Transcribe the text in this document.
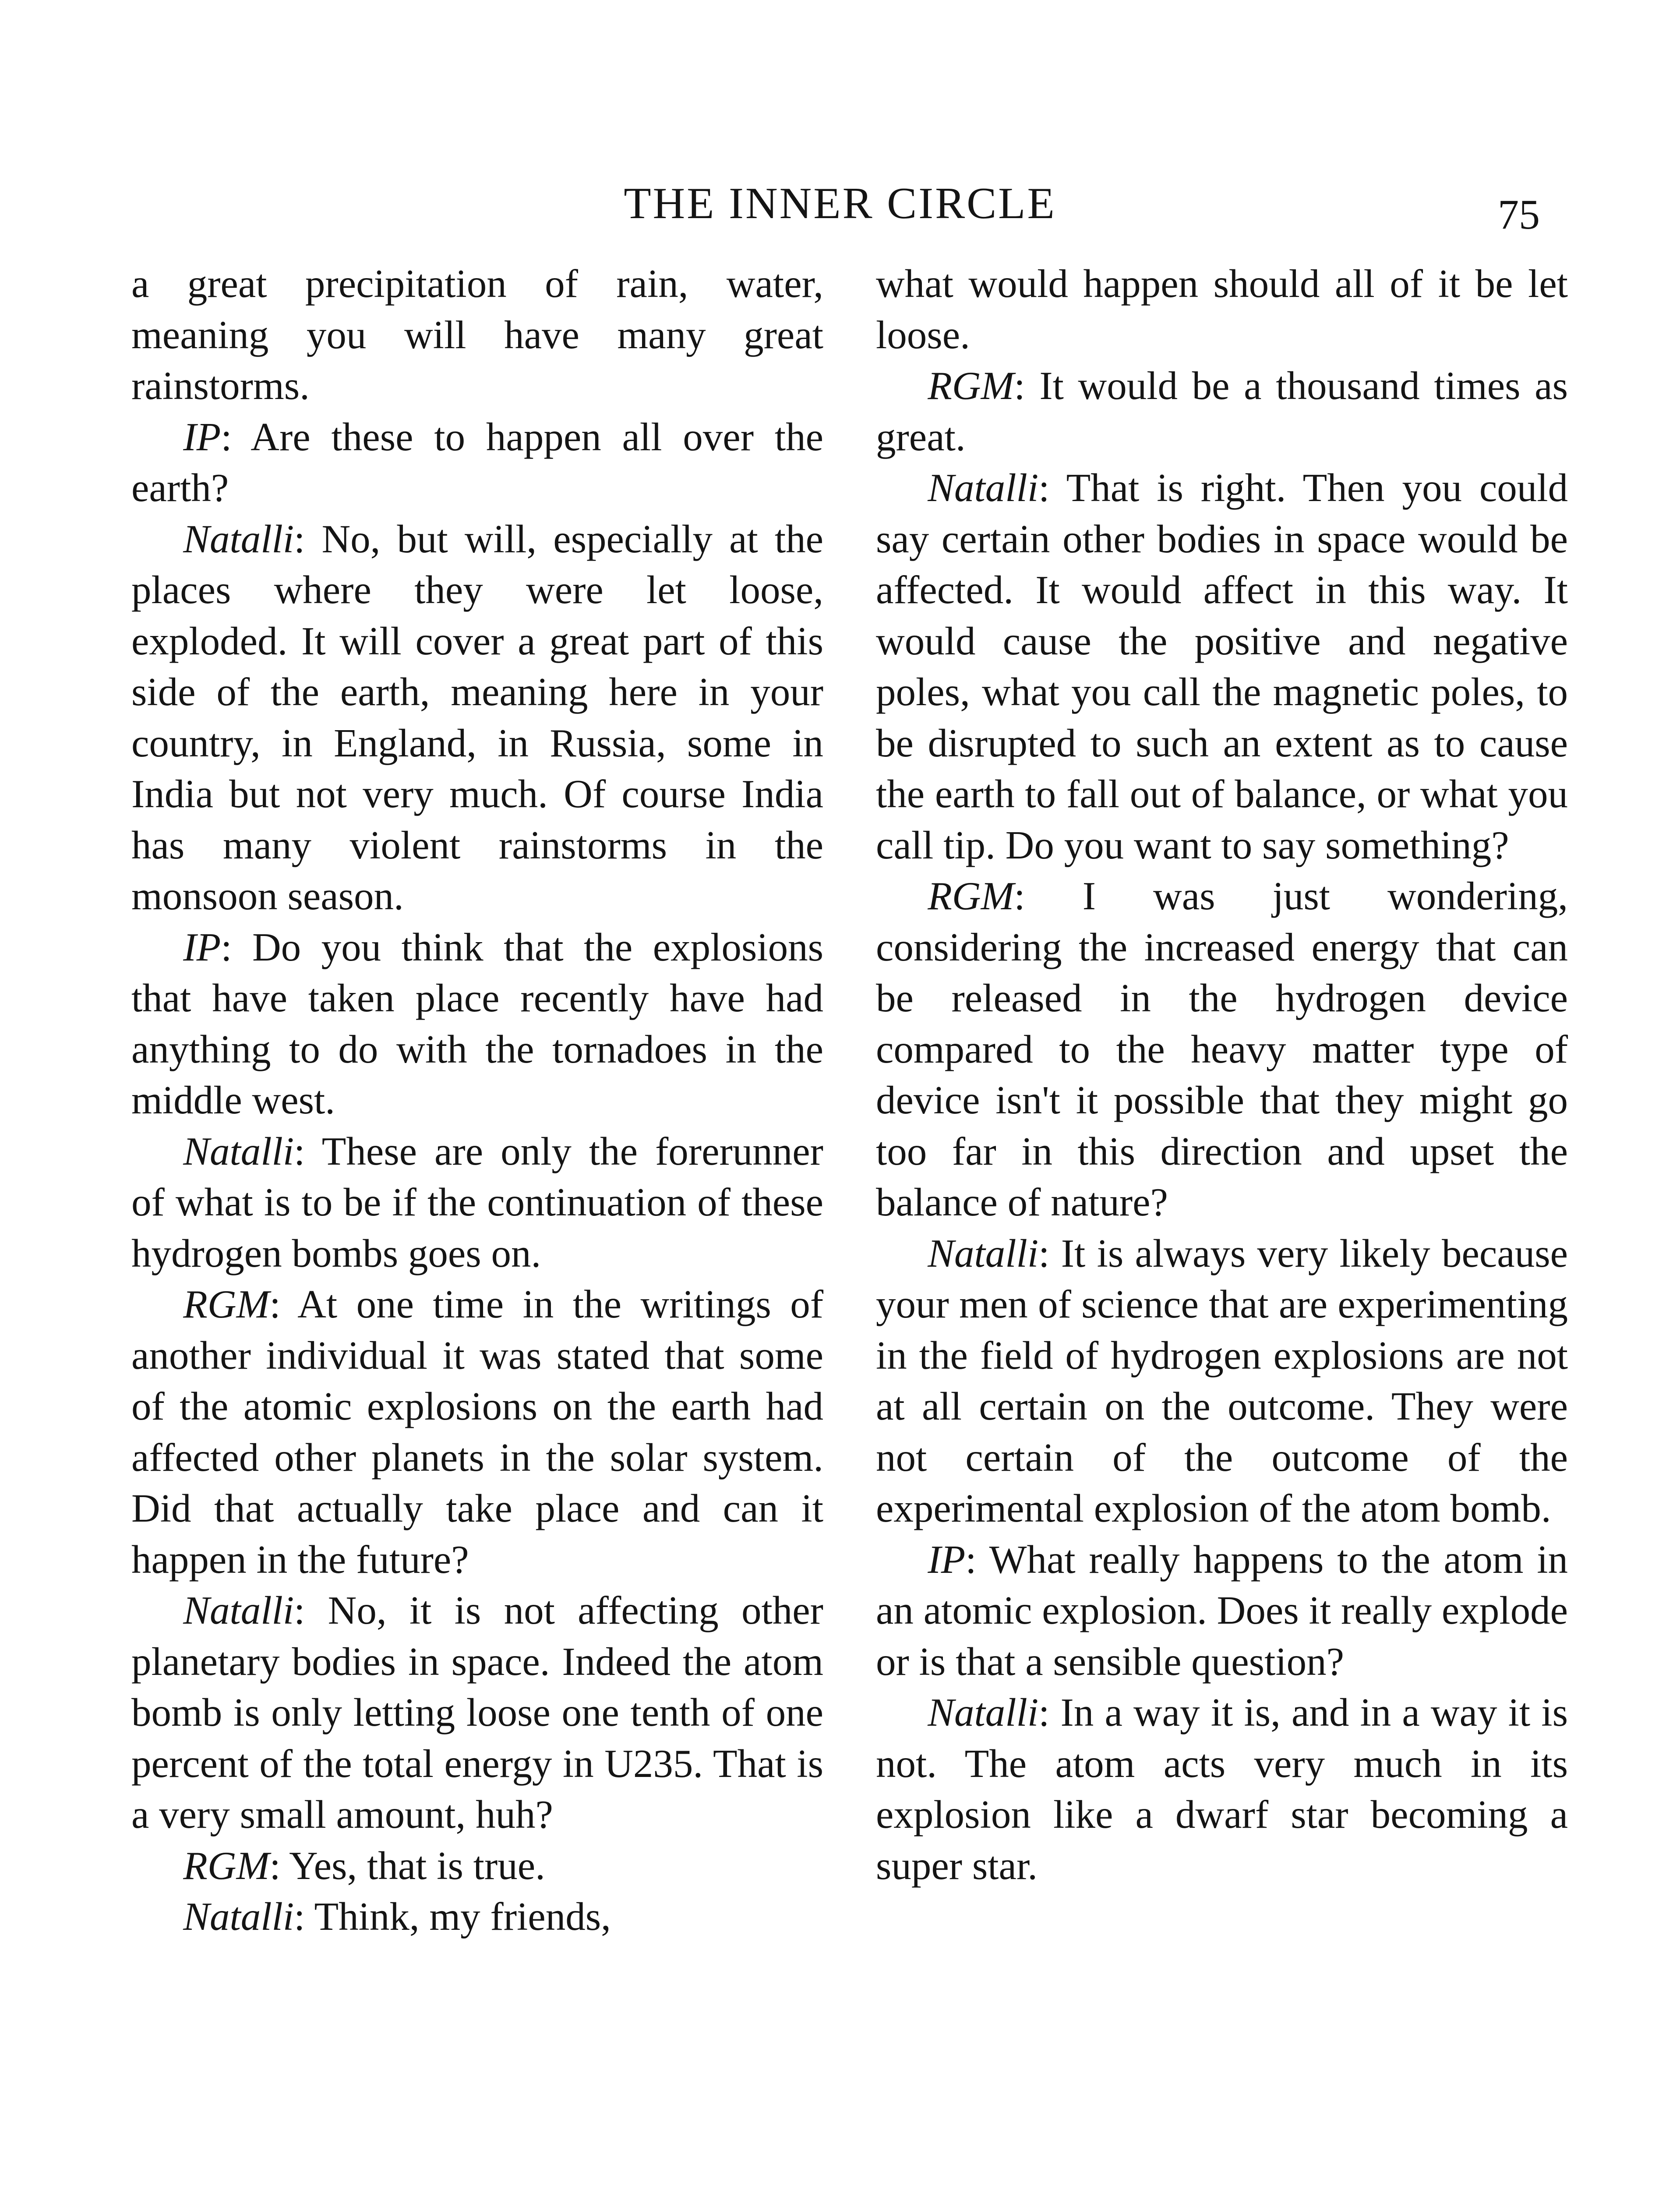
THE INNER CIRCLE	75

a great precipitation of rain, water, meaning you will have many great rainstorms.

IP: Are these to happen all over the earth?

Natalli: No, but will, especially at the places where they were let loose, exploded. It will cover a great part of this side of the earth, meaning here in your country, in England, in Russia, some in India but not very much. Of course India has many violent rainstorms in the monsoon season.

IP: Do you think that the explosions that have taken place recently have had anything to do with the tornadoes in the middle west.

Natalli: These are only the forerunner of what is to be if the continuation of these hydrogen bombs goes on.

RGM: At one time in the writings of another individual it was stated that some of the atomic explosions on the earth had affected other planets in the solar system. Did that actually take place and can it happen in the future?

Natalli: No, it is not affecting other planetary bodies in space. Indeed the atom bomb is only letting loose one tenth of one percent of the total energy in U235. That is a very small amount, huh?

RGM: Yes, that is true.

Natalli: Think, my friends,

what would happen should all of it be let loose.

RGM: It would be a thousand times as great.

Natalli: That is right. Then you could say certain other bodies in space would be affected. It would affect in this way. It would cause the positive and negative poles, what you call the magnetic poles, to be disrupted to such an extent as to cause the earth to fall out of balance, or what you call tip. Do you want to say something?

RGM: I was just wondering, considering the increased energy that can be released in the hydrogen device compared to the heavy matter type of device isn't it possible that they might go too far in this direction and upset the balance of nature?

Natalli: It is always very likely because your men of science that are experimenting in the field of hydrogen explosions are not at all certain on the outcome. They were not certain of the outcome of the experimental explosion of the atom bomb.

IP: What really happens to the atom in an atomic explosion. Does it really explode or is that a sensible question?

Natalli: In a way it is, and in a way it is not. The atom acts very much in its explosion like a dwarf star becoming a super star.
